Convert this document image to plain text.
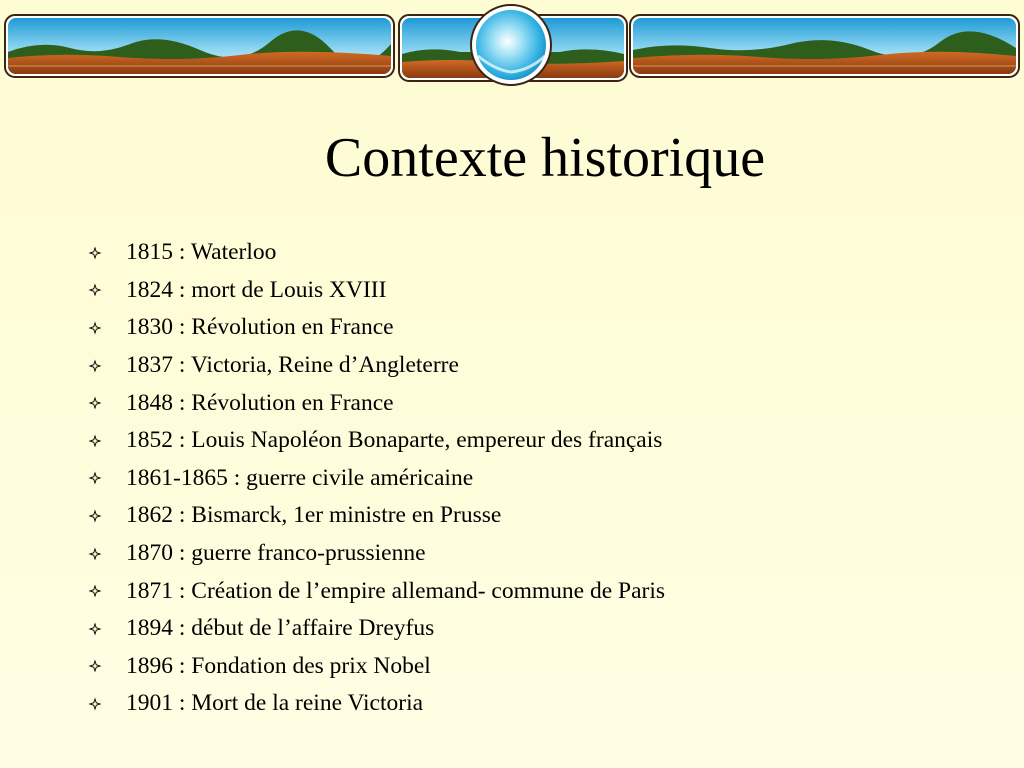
Contexte historique
1815 : Waterloo
1824 : mort de Louis XVIII
1830 : Révolution en France
1837 : Victoria, Reine d’Angleterre
1848 : Révolution en France
1852 : Louis Napoléon Bonaparte, empereur des français
1861-1865 : guerre civile américaine
1862 : Bismarck, 1er ministre en Prusse
1870 : guerre franco-prussienne
1871 : Création de l’empire allemand- commune de Paris
1894 : début de l’affaire Dreyfus
1896 : Fondation des prix Nobel
1901 : Mort de la reine Victoria
